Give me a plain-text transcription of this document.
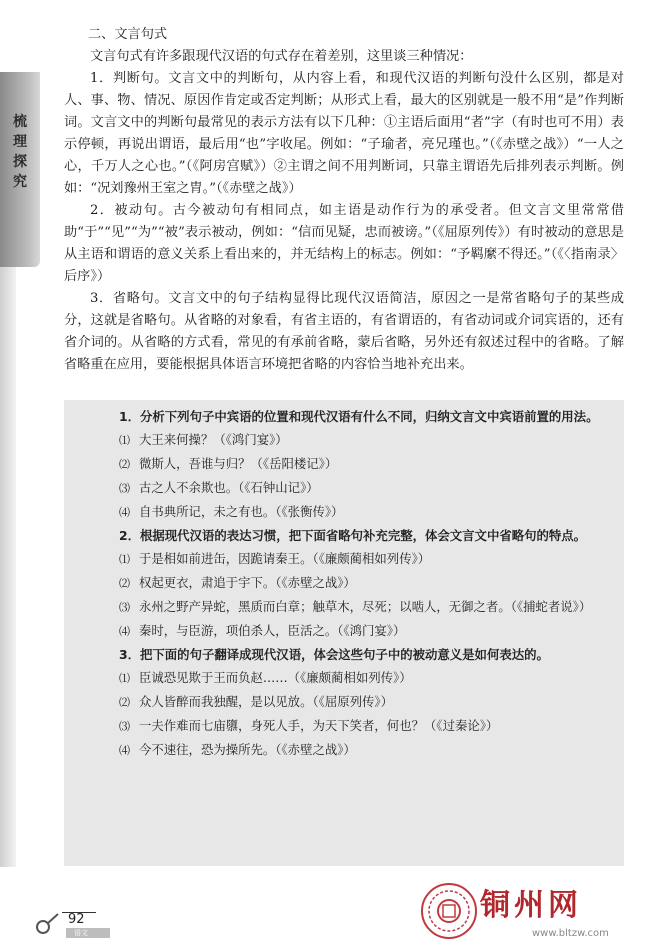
梳理探究

二、文言句式

文言句式有许多跟现代汉语的句式存在着差别，这里谈三种情况：

1．判断句。文言文中的判断句，从内容上看，和现代汉语的判断句没什么区别，都是对人、事、物、情况、原因作肯定或否定判断；从形式上看，最大的区别就是一般不用“是”作判断词。文言文中的判断句最常见的表示方法有以下几种：①主语后面用“者”字（有时也可不用）表示停顿，再说出谓语，最后用“也”字收尾。例如：“子瑜者，亮兄瑾也。”（《赤壁之战》）“一人之心，千万人之心也。”（《阿房宫赋》）②主谓之间不用判断词，只靠主谓语先后排列表示判断。例如：“况刘豫州王室之胄。”（《赤壁之战》）

2．被动句。古今被动句有相同点，如主语是动作行为的承受者。但文言文里常常借助“于”“见”“为”“被”表示被动，例如：“信而见疑，忠而被谤。”（《屈原列传》）有时被动的意思是从主语和谓语的意义关系上看出来的，并无结构上的标志。例如：“予羁縻不得还。”（《〈指南录〉后序》）

3．省略句。文言文中的句子结构显得比现代汉语简洁，原因之一是常省略句子的某些成分，这就是省略句。从省略的对象看，有省主语的，有省谓语的，有省动词或介词宾语的，还有省介词的。从省略的方式看，常见的有承前省略，蒙后省略，另外还有叙述过程中的省略。了解省略重在应用，要能根据具体语言环境把省略的内容恰当地补充出来。

1．分析下列句子中宾语的位置和现代汉语有什么不同，归纳文言文中宾语前置的用法。

⑴ 大王来何操？（《鸿门宴》）

⑵ 微斯人，吾谁与归？（《岳阳楼记》）

⑶ 古之人不余欺也。（《石钟山记》）

⑷ 自书典所记，未之有也。（《张衡传》）

2．根据现代汉语的表达习惯，把下面省略句补充完整，体会文言文中省略句的特点。

⑴ 于是相如前进缶，因跪请秦王。（《廉颇蔺相如列传》）

⑵ 权起更衣，肃追于宇下。（《赤壁之战》）

⑶ 永州之野产异蛇，黑质而白章；触草木，尽死；以啮人，无御之者。（《捕蛇者说》）

⑷ 秦时，与臣游，项伯杀人，臣活之。（《鸿门宴》）

3．把下面的句子翻译成现代汉语，体会这些句子中的被动意义是如何表达的。

⑴ 臣诚恐见欺于王而负赵……（《廉颇蔺相如列传》）

⑵ 众人皆醉而我独醒，是以见放。（《屈原列传》）

⑶ 一夫作难而七庙隳，身死人手，为天下笑者，何也？（《过秦论》）

⑷ 今不速往，恐为操所先。（《赤壁之战》）

92
语文
铜州网
www.bltzw.com
